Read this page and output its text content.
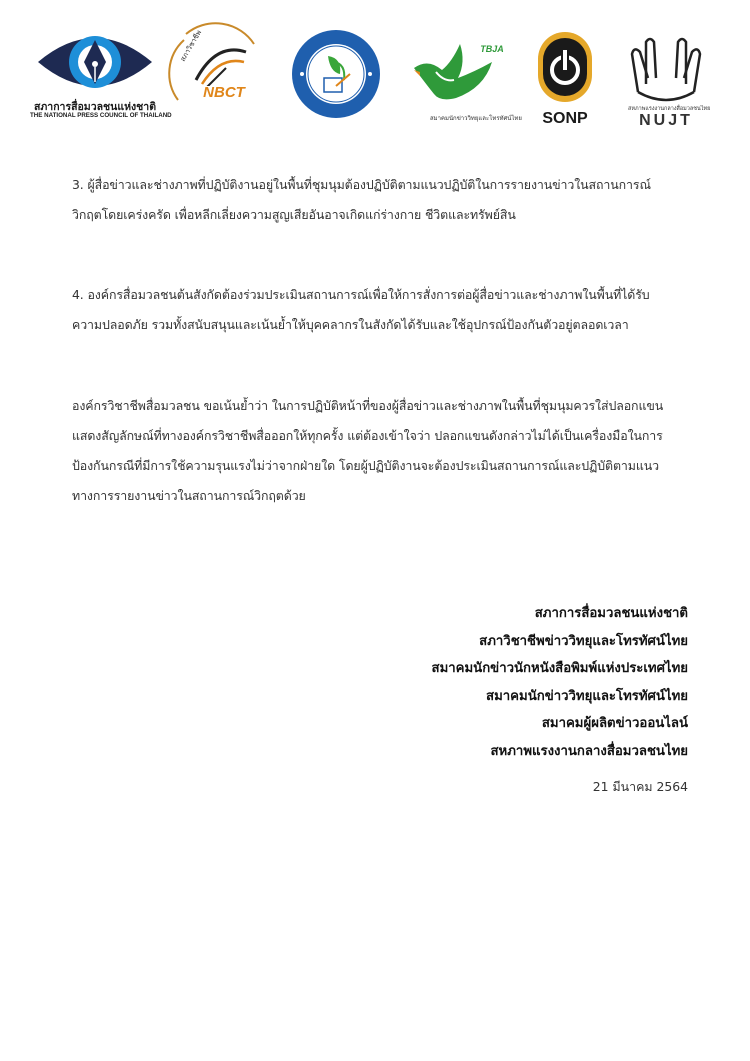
สภาการสื่อมวลชนแห่งชาติ
THE NATIONAL PRESS COUNCIL OF THAILAND
สภาวิชาชีพ
NBCT
สมาคมนักข่าววิทยุและโทรทัศน์ไทย
TBJA
SONP
สหภาพแรงงานกลางสื่อมวลชนไทย
NUJT
3. ผู้สื่อข่าวและช่างภาพที่ปฏิบัติงานอยู่ในพื้นที่ชุมนุมต้องปฏิบัติตามแนวปฏิบัติในการรายงานข่าวในสถานการณ์
วิกฤตโดยเคร่งครัด เพื่อหลีกเลี่ยงความสูญเสียอันอาจเกิดแก่ร่างกาย ชีวิตและทรัพย์สิน
4. องค์กรสื่อมวลชนต้นสังกัดต้องร่วมประเมินสถานการณ์เพื่อให้การสั่งการต่อผู้สื่อข่าวและช่างภาพในพื้นที่ได้รับ
ความปลอดภัย รวมทั้งสนับสนุนและเน้นย้ำให้บุคคลากรในสังกัดได้รับและใช้อุปกรณ์ป้องกันตัวอยู่ตลอดเวลา
องค์กรวิชาชีพสื่อมวลชน ขอเน้นย้ำว่า ในการปฏิบัติหน้าที่ของผู้สื่อข่าวและช่างภาพในพื้นที่ชุมนุมควรใส่ปลอกแขน
แสดงสัญลักษณ์ที่ทางองค์กรวิชาชีพสื่อออกให้ทุกครั้ง แต่ต้องเข้าใจว่า ปลอกแขนดังกล่าวไม่ได้เป็นเครื่องมือในการ
ป้องกันกรณีที่มีการใช้ความรุนแรงไม่ว่าจากฝ่ายใด โดยผู้ปฏิบัติงานจะต้องประเมินสถานการณ์และปฏิบัติตามแนว
ทางการรายงานข่าวในสถานการณ์วิกฤตด้วย
สภาการสื่อมวลชนแห่งชาติ
สภาวิชาชีพข่าววิทยุและโทรทัศน์ไทย
สมาคมนักข่าวนักหนังสือพิมพ์แห่งประเทศไทย
สมาคมนักข่าววิทยุและโทรทัศน์ไทย
สมาคมผู้ผลิตข่าวออนไลน์
สหภาพแรงงานกลางสื่อมวลชนไทย
21 มีนาคม 2564
